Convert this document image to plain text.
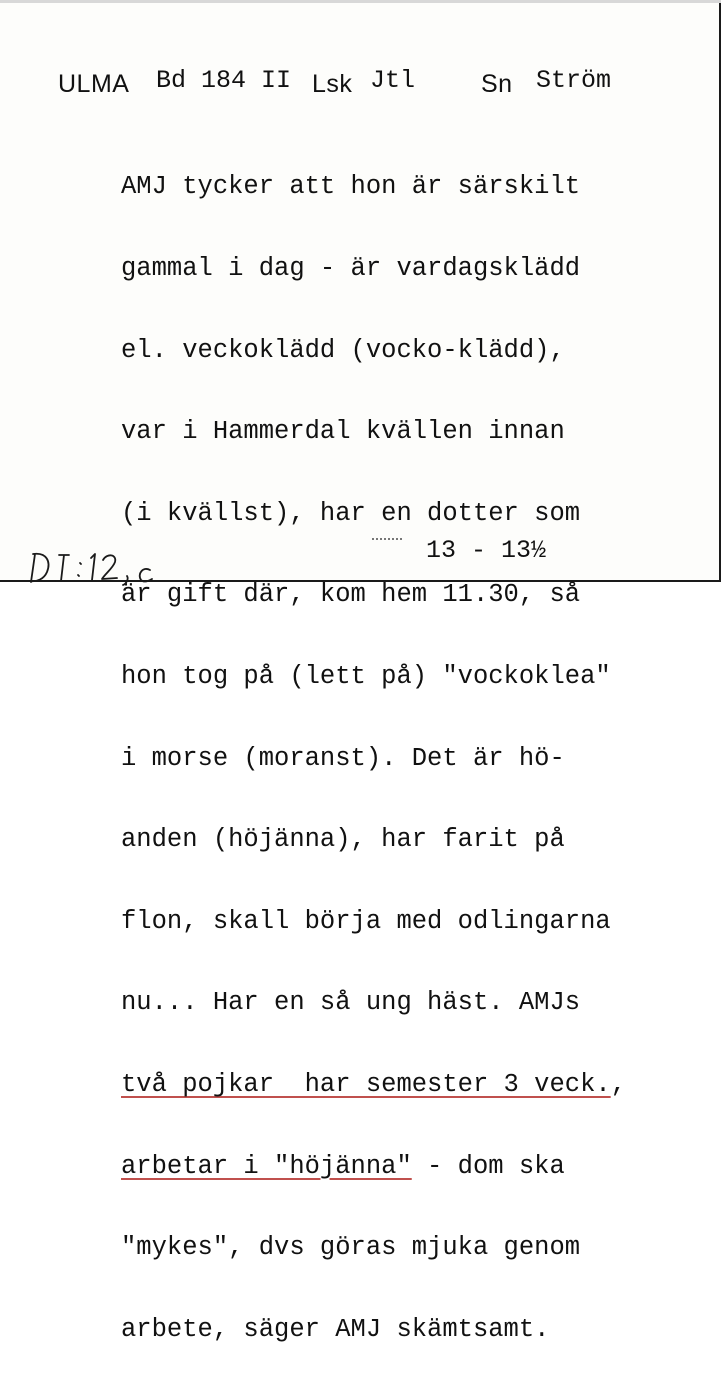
ULMA Bd 184 II Lsk Jtl	Sn Ström

AMJ tycker att hon är särskilt

gammal i dag - är vardagsklädd

el. veckoklädd (vocko-klädd),

var i Hammerdal kvällen innan

(i kvällst), har en dotter som

är gift där, kom hem 11.30, så

hon tog på (lett på) "vockoklea"

i morse (moranst). Det är hö-

anden (höjänna), har farit på

flon, skall börja med odlingarna

nu... Har en så ung häst. AMJs

två pojkar  har semester 3 veck.,

arbetar i "höjänna" - dom ska

"mykes", dvs göras mjuka genom

arbete, säger AMJ skämtsamt.

13 - 13½
